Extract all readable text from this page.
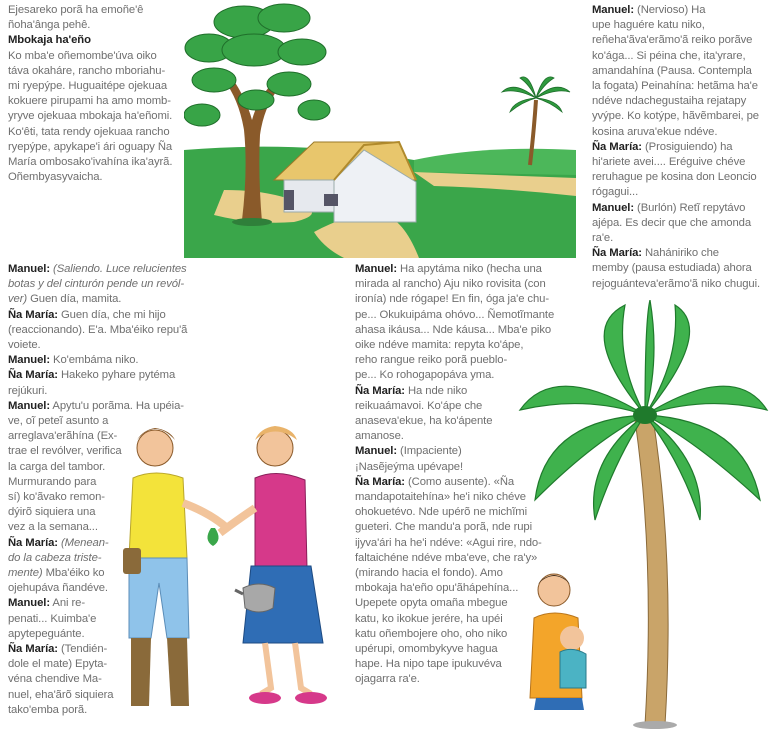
Ejesareko porã ha emoñe'ê

ñoha'ânga pehê.

Mbokaja ha'eño

Ko mba'e oñemombe'úva oiko

táva okaháre, rancho mboriahu-

mi ryepýpe. Huguaitépe ojekuaa

kokuere pirupami ha amo momb-

yryve ojekuaa mbokaja ha'eñomi.

Ko'êti, tata rendy ojekuaa rancho

ryepýpe, apykape'i ári oguapy Ña

María ombosako'ivahína ika'ayrã.

Oñembyasyvaicha.

Manuel: (Nervioso) Ha

upe haguére katu niko,

reñeha'ãva'erãmo'ã reiko porãve

ko'ága... Si péina che, ita'yrare,

amandahína (Pausa. Contempla

la fogata) Peinahína: hetãma ha'e

ndéve ndachegustaiha rejatapy

yvýpe. Ko kotýpe, hãvẽmbarei, pe

kosina aruva'ekue ndéve.

Ña María: (Prosiguiendo) ha

hi'ariete avei.... Eréguive chéve

reruhague pe kosina don Leoncio

rógagui...

Manuel: (Burlón) Retĩ repytávo

ajépa. Es decir que che amonda

ra'e.

Ña María: Nahániriko che

memby (pausa estudiada) ahora

rejoguánteva'erãmo'ã niko chugui.

Manuel: (Saliendo. Luce relucientes

botas y del cinturón pende un revól-

ver) Guen día, mamita.

Ña María: Guen día, che mi hijo

(reaccionando). E'a. Mba'éiko repu'ã

voiete.

Manuel: Ko'embáma niko.

Ña María: Hakeko pyhare pytéma

rejúkuri.

Manuel: Apytu'u porãma. Ha upéia-

ve, oĩ peteĩ asunto a

arreglava'erãhína (Ex-

trae el revólver, verifica

la carga del tambor.

Murmurando para

sí) ko'ãvako remon-

dýirõ siquiera una

vez a la semana...

Ña María: (Menean-

do la cabeza triste-

mente) Mba'éiko ko

ojehupáva ñandéve.

Manuel: Ani re-

penati... Kuimba'e

apytepeguánte.

Ña María: (Tendién-

dole el mate) Epyta-

véna chendive Ma-

nuel, eha'ãrõ siquiera

tako'emba porã.

Manuel: Ha apytáma niko (hecha una

mirada al rancho) Aju niko rovisita (con

ironía) nde rógape! En fin, óga ja'e chu-

pe... Okukuipáma ohóvo... Ñemotĩmante

ahasa ikáusa... Nde káusa... Mba'e piko

oike ndéve mamita: repyta ko'ápe,

reho rangue reiko porã pueblo-

pe... Ko rohogapopáva yma.

Ña María: Ha nde niko

reikuaámavoi. Ko'ápe che

anaseva'ekue, ha ko'ápente

amanose.

Manuel: (Impaciente)

¡Nasẽjeýma upévape!

Ña María: (Como ausente). «Ña

mandapotaitehína» he'i niko chéve

ohokuetévo. Nde upérõ ne michĩmi

gueteri. Che mandu'a porã, nde rupi

ijyva'ári ha he'i ndéve: «Agui rire, ndo-

faltaichéne ndéve mba'eve, che ra'y»

(mirando hacia el fondo). Amo

mbokaja ha'eño opu'ãhápehína...

Upepete opyta omaña mbegue

katu, ko ikokue jerére, ha upéi

katu oñembojere oho, oho niko

upérupi, omombykyve hagua

hape. Ha nipo tape ipukuvéva

ojagarra ra'e.
